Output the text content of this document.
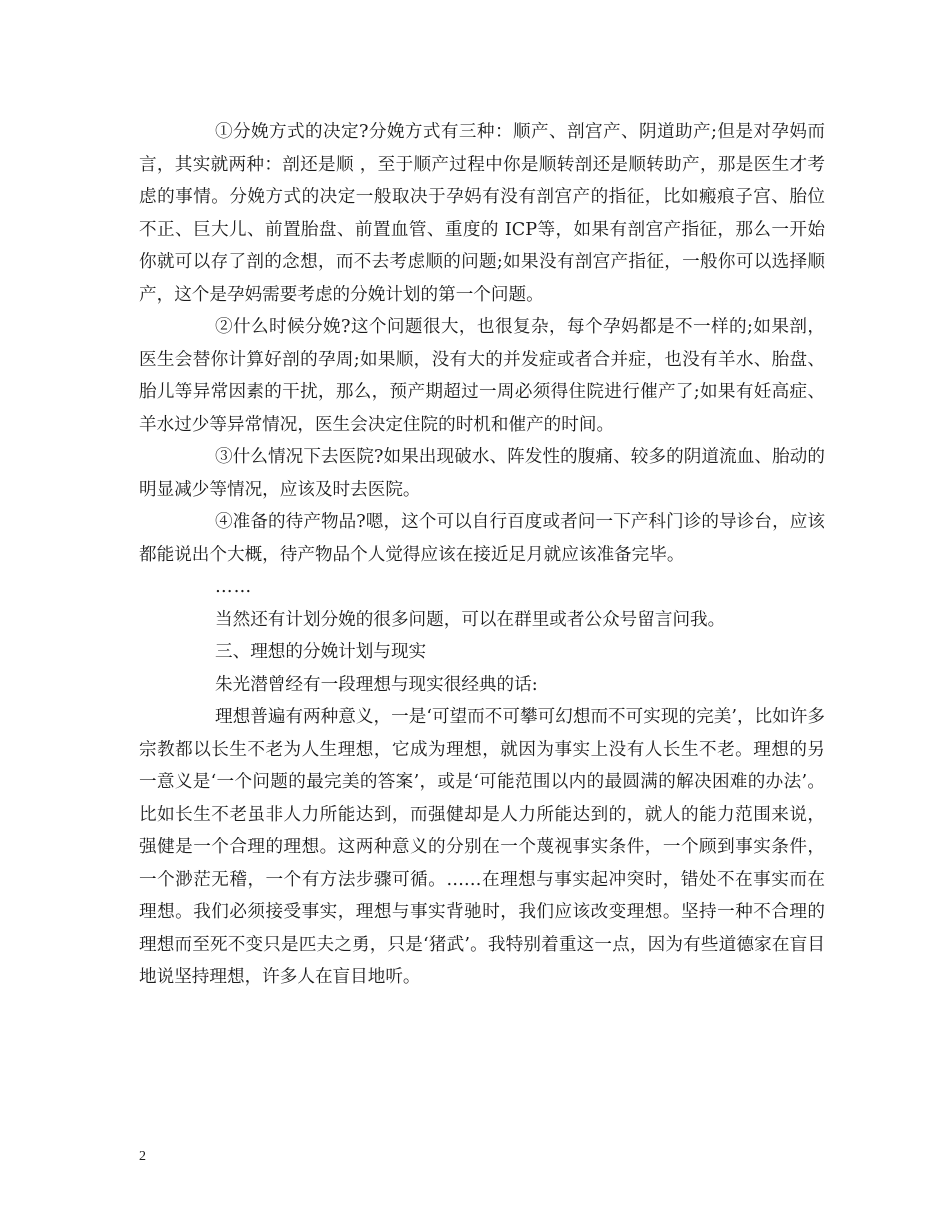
①分娩方式的决定?分娩方式有三种：顺产、剖宫产、阴道助产;但是对孕妈而言，其实就两种：剖还是顺 ，至于顺产过程中你是顺转剖还是顺转助产，那是医生才考虑的事情。分娩方式的决定一般取决于孕妈有没有剖宫产的指征，比如瘢痕子宫、胎位不正、巨大儿、前置胎盘、前置血管、重度的 ICP等，如果有剖宫产指征，那么一开始你就可以存了剖的念想，而不去考虑顺的问题;如果没有剖宫产指征，一般你可以选择顺产，这个是孕妈需要考虑的分娩计划的第一个问题。

②什么时候分娩?这个问题很大，也很复杂，每个孕妈都是不一样的;如果剖，医生会替你计算好剖的孕周;如果顺，没有大的并发症或者合并症，也没有羊水、胎盘、胎儿等异常因素的干扰，那么，预产期超过一周必须得住院进行催产了;如果有妊高症、羊水过少等异常情况，医生会决定住院的时机和催产的时间。

③什么情况下去医院?如果出现破水、阵发性的腹痛、较多的阴道流血、胎动的明显减少等情况，应该及时去医院。

④准备的待产物品?嗯，这个可以自行百度或者问一下产科门诊的导诊台，应该都能说出个大概，待产物品个人觉得应该在接近足月就应该准备完毕。

……

当然还有计划分娩的很多问题，可以在群里或者公众号留言问我。

三、理想的分娩计划与现实

朱光潜曾经有一段理想与现实很经典的话:

理想普遍有两种意义，一是‘可望而不可攀可幻想而不可实现的完美’，比如许多宗教都以长生不老为人生理想，它成为理想，就因为事实上没有人长生不老。理想的另一意义是‘一个问题的最完美的答案’，或是‘可能范围以内的最圆满的解决困难的办法’。比如长生不老虽非人力所能达到，而强健却是人力所能达到的，就人的能力范围来说，强健是一个合理的理想。这两种意义的分别在一个蔑视事实条件，一个顾到事实条件，一个渺茫无稽，一个有方法步骤可循。……在理想与事实起冲突时，错处不在事实而在理想。我们必须接受事实，理想与事实背驰时，我们应该改变理想。坚持一种不合理的理想而至死不变只是匹夫之勇，只是‘猪武’。我特别着重这一点，因为有些道德家在盲目地说坚持理想，许多人在盲目地听。

2
